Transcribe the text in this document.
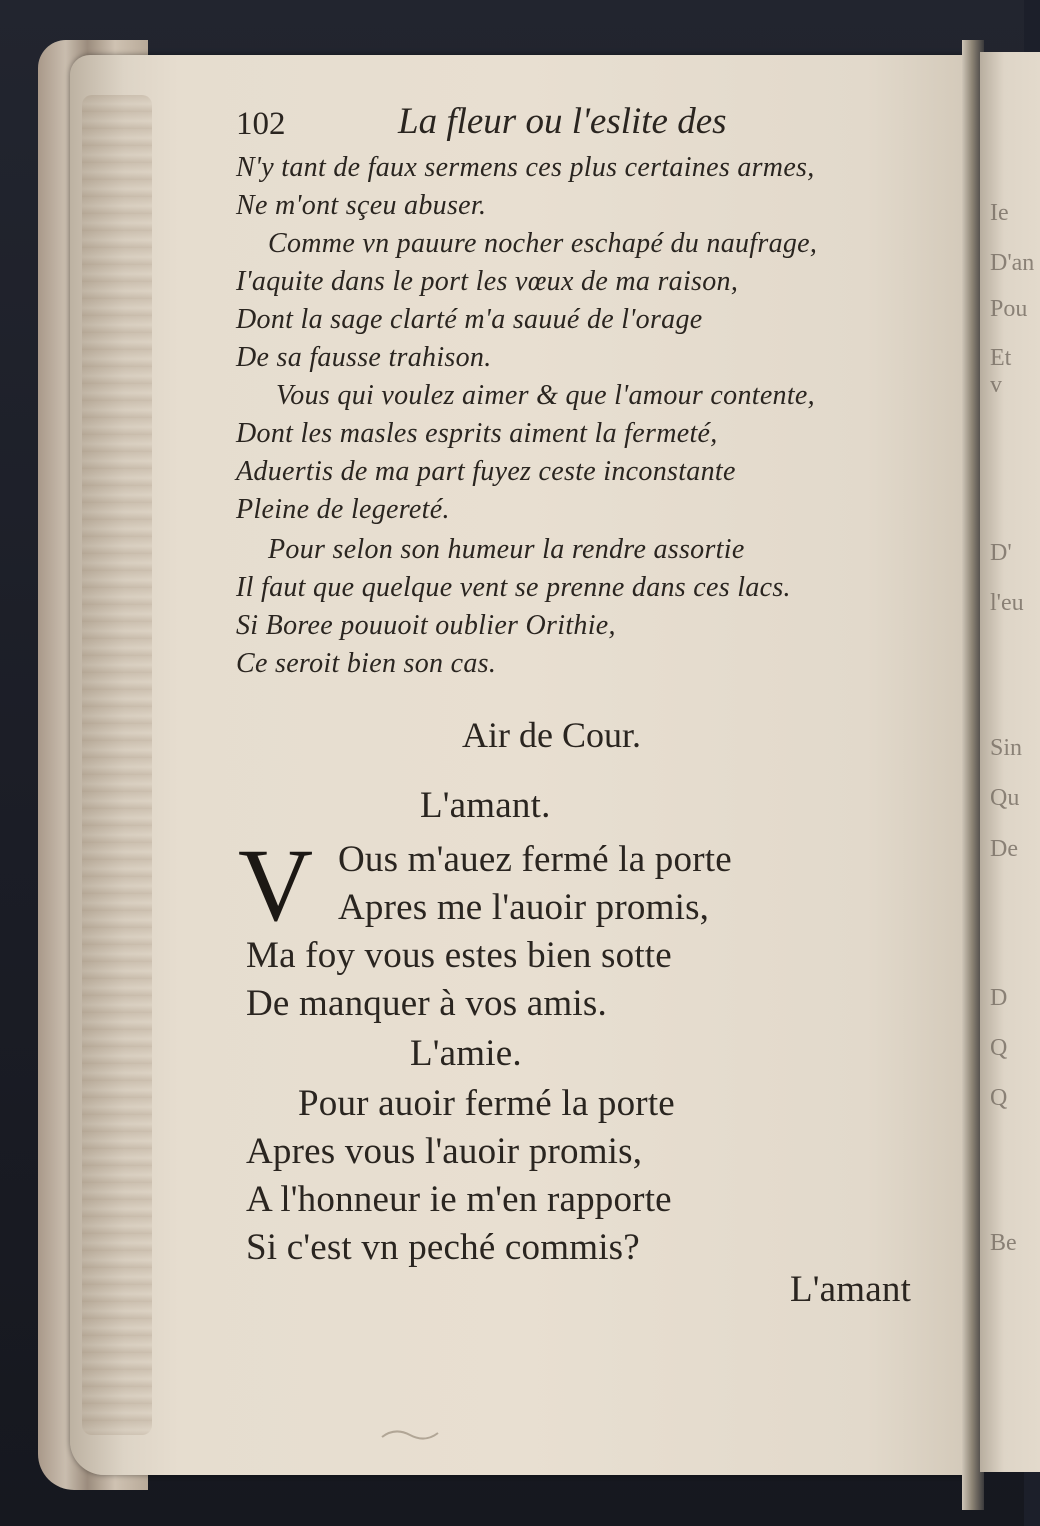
Ie
D'an
Pou
Et v
D'
l'eu
Sin
Qu
De
D
Q
Q
Be
102	La fleur ou l'eslite des
N'y tant de faux sermens ces plus certaines armes,
Ne m'ont sçeu abuser.
Comme vn pauure nocher eschapé du naufrage,
I'aquite dans le port les vœux de ma raison,
Dont la sage clarté m'a sauué de l'orage
De sa fausse trahison.
Vous qui voulez aimer & que l'amour contente,
Dont les masles esprits aiment la fermeté,
Aduertis de ma part fuyez ceste inconstante
Pleine de legereté.
Pour selon son humeur la rendre assortie
Il faut que quelque vent se prenne dans ces lacs.
Si Boree pouuoit oublier Orithie,
Ce seroit bien son cas.
Air de Cour.
L'amant.
V Ous m'auez fermé la porte
Apres me l'auoir promis,
Ma foy vous estes bien sotte
De manquer à vos amis.
L'amie.
Pour auoir fermé la porte
Apres vous l'auoir promis,
A l'honneur ie m'en rapporte
Si c'est vn peché commis?
L'amant
